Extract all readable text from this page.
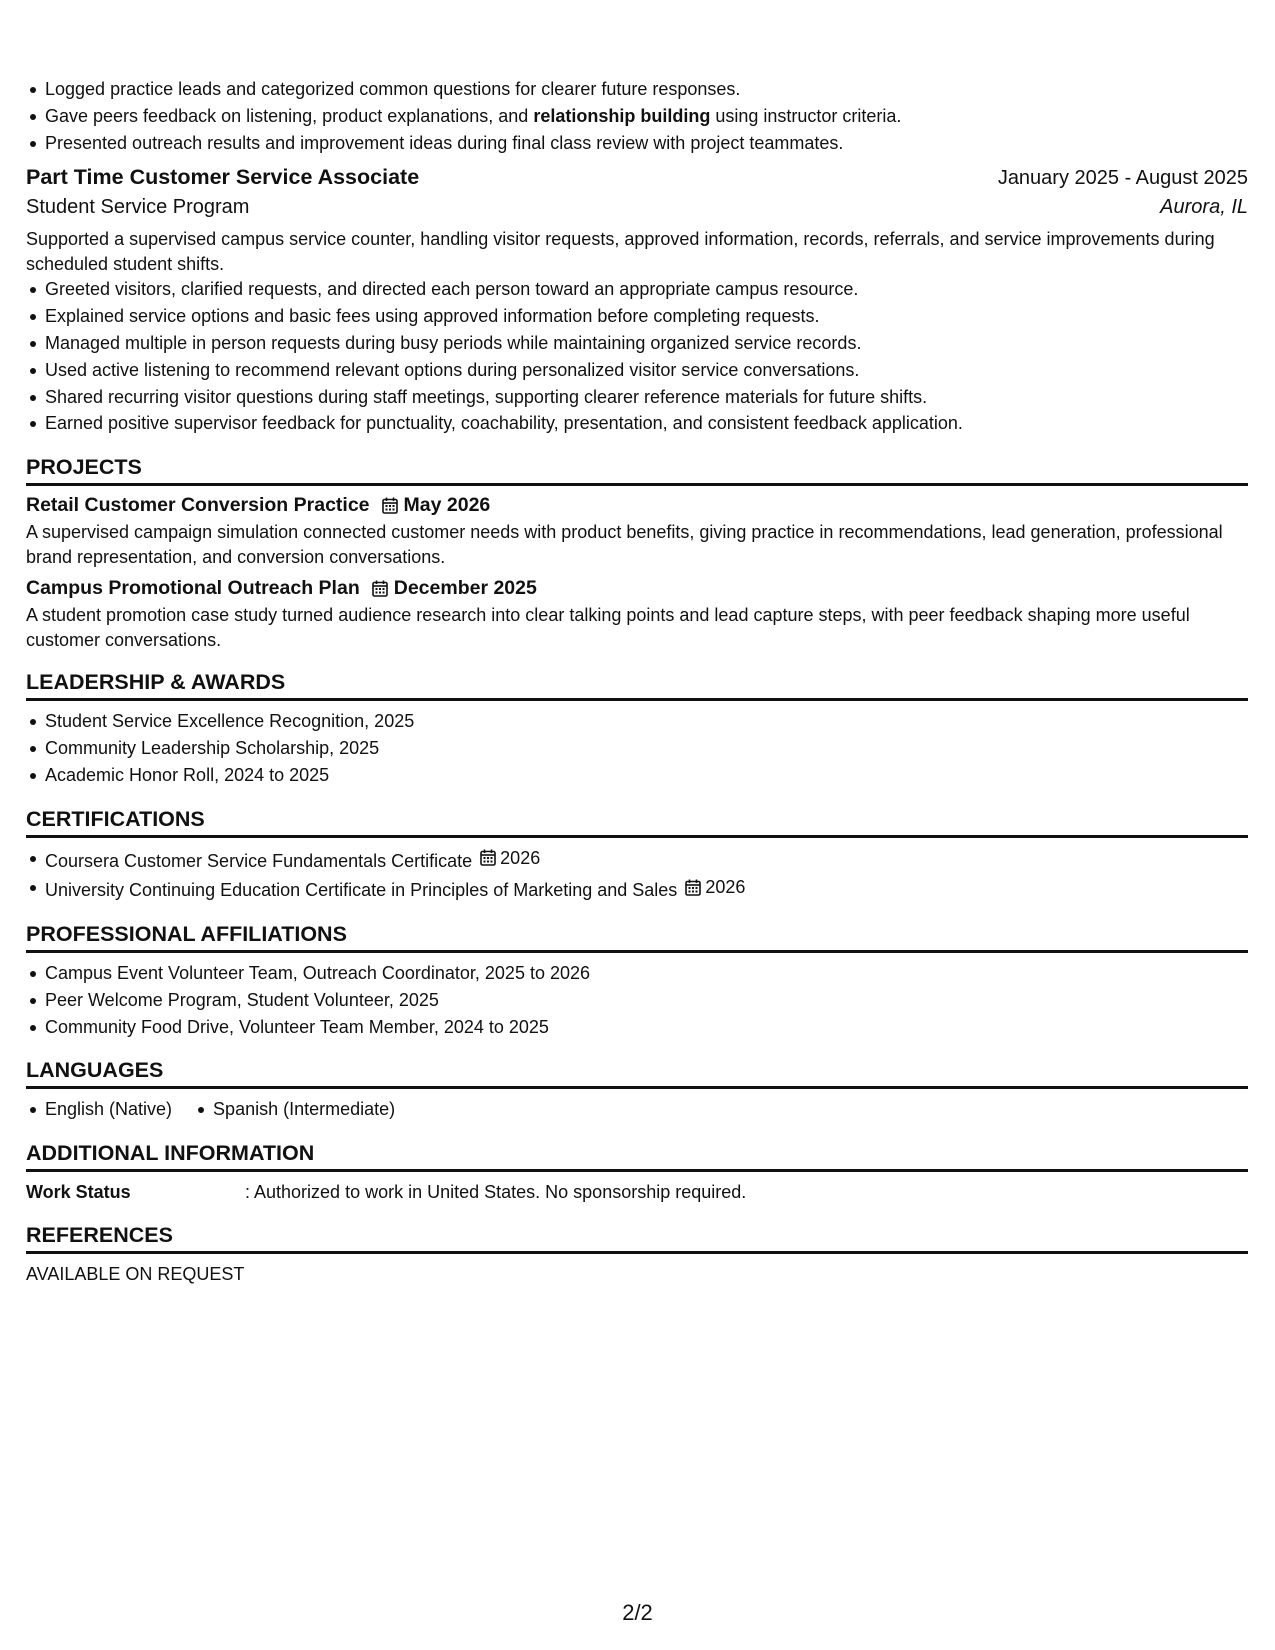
Logged practice leads and categorized common questions for clearer future responses.
Gave peers feedback on listening, product explanations, and relationship building using instructor criteria.
Presented outreach results and improvement ideas during final class review with project teammates.
Part Time Customer Service Associate	January 2025 - August 2025
Student Service Program	Aurora, IL
Supported a supervised campus service counter, handling visitor requests, approved information, records, referrals, and service improvements during scheduled student shifts.
Greeted visitors, clarified requests, and directed each person toward an appropriate campus resource.
Explained service options and basic fees using approved information before completing requests.
Managed multiple in person requests during busy periods while maintaining organized service records.
Used active listening to recommend relevant options during personalized visitor service conversations.
Shared recurring visitor questions during staff meetings, supporting clearer reference materials for future shifts.
Earned positive supervisor feedback for punctuality, coachability, presentation, and consistent feedback application.
PROJECTS
Retail Customer Conversion Practice May 2026
A supervised campaign simulation connected customer needs with product benefits, giving practice in recommendations, lead generation, professional brand representation, and conversion conversations.
Campus Promotional Outreach Plan December 2025
A student promotion case study turned audience research into clear talking points and lead capture steps, with peer feedback shaping more useful customer conversations.
LEADERSHIP & AWARDS
Student Service Excellence Recognition, 2025
Community Leadership Scholarship, 2025
Academic Honor Roll, 2024 to 2025
CERTIFICATIONS
Coursera Customer Service Fundamentals Certificate 2026
University Continuing Education Certificate in Principles of Marketing and Sales 2026
PROFESSIONAL AFFILIATIONS
Campus Event Volunteer Team, Outreach Coordinator, 2025 to 2026
Peer Welcome Program, Student Volunteer, 2025
Community Food Drive, Volunteer Team Member, 2024 to 2025
LANGUAGES
English (Native)	Spanish (Intermediate)
ADDITIONAL INFORMATION
Work Status	: Authorized to work in United States. No sponsorship required.
REFERENCES
AVAILABLE ON REQUEST
2/2
